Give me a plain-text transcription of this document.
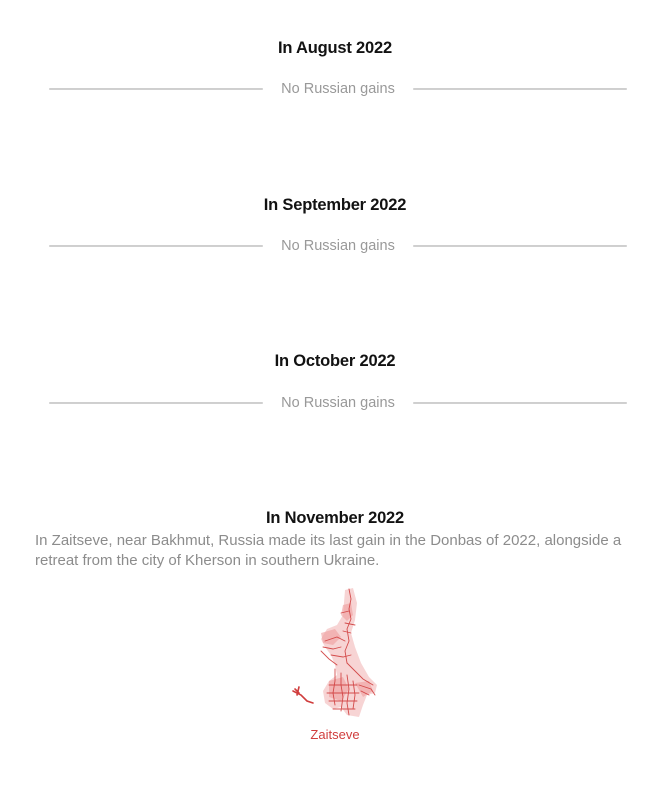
In August 2022
No Russian gains
In September 2022
No Russian gains
In October 2022
No Russian gains
In November 2022
In Zaitseve, near Bakhmut, Russia made its last gain in the Donbas of 2022, alongside a retreat from the city of Kherson in southern Ukraine.
Zaitseve
